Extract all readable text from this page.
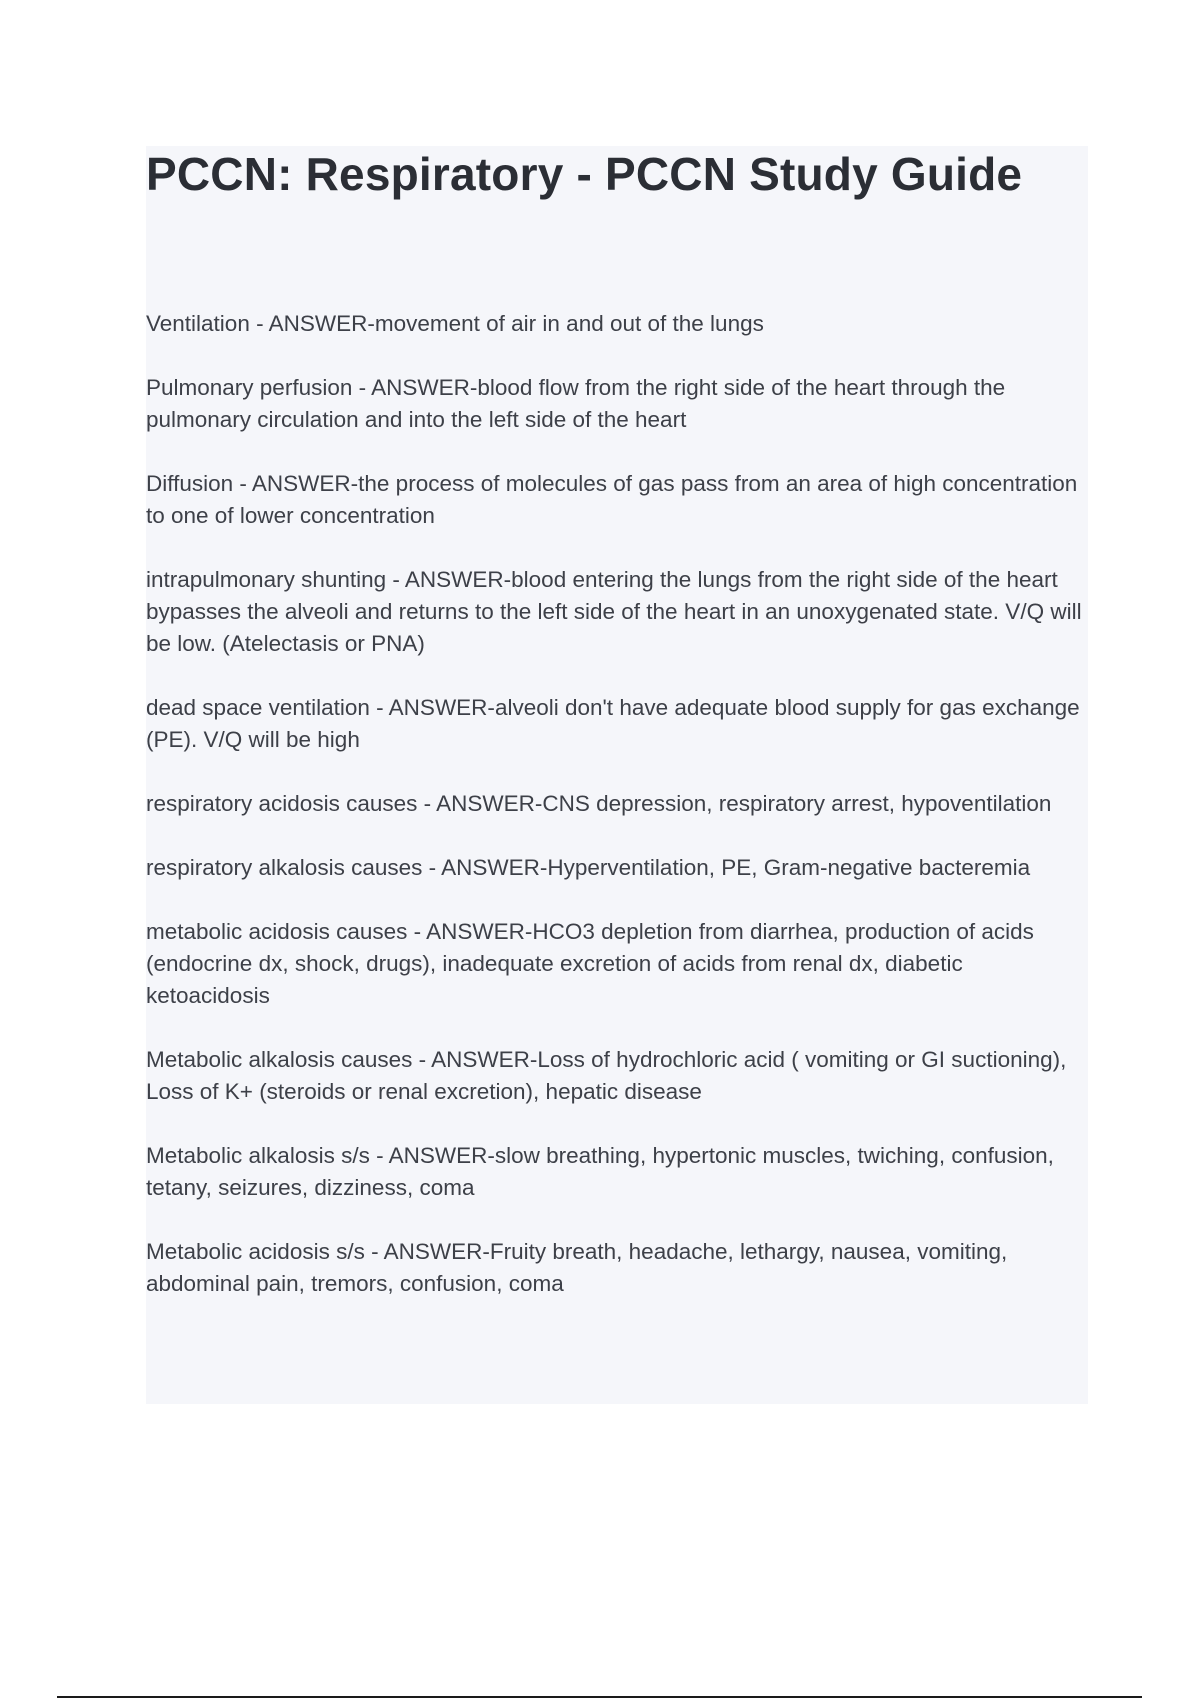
PCCN: Respiratory - PCCN Study Guide
Ventilation - ANSWER-movement of air in and out of the lungs
Pulmonary perfusion - ANSWER-blood flow from the right side of the heart through the pulmonary circulation and into the left side of the heart
Diffusion - ANSWER-the process of molecules of gas pass from an area of high concentration to one of lower concentration
intrapulmonary shunting - ANSWER-blood entering the lungs from the right side of the heart bypasses the alveoli and returns to the left side of the heart in an unoxygenated state. V/Q will be low. (Atelectasis or PNA)
dead space ventilation - ANSWER-alveoli don't have adequate blood supply for gas exchange (PE). V/Q will be high
respiratory acidosis causes - ANSWER-CNS depression, respiratory arrest, hypoventilation
respiratory alkalosis causes - ANSWER-Hyperventilation, PE, Gram-negative bacteremia
metabolic acidosis causes - ANSWER-HCO3 depletion from diarrhea, production of acids (endocrine dx, shock, drugs), inadequate excretion of acids from renal dx, diabetic ketoacidosis
Metabolic alkalosis causes - ANSWER-Loss of hydrochloric acid ( vomiting or GI suctioning), Loss of K+ (steroids or renal excretion), hepatic disease
Metabolic alkalosis s/s - ANSWER-slow breathing, hypertonic muscles, twiching, confusion, tetany, seizures, dizziness, coma
Metabolic acidosis s/s - ANSWER-Fruity breath, headache, lethargy, nausea, vomiting, abdominal pain, tremors, confusion, coma
